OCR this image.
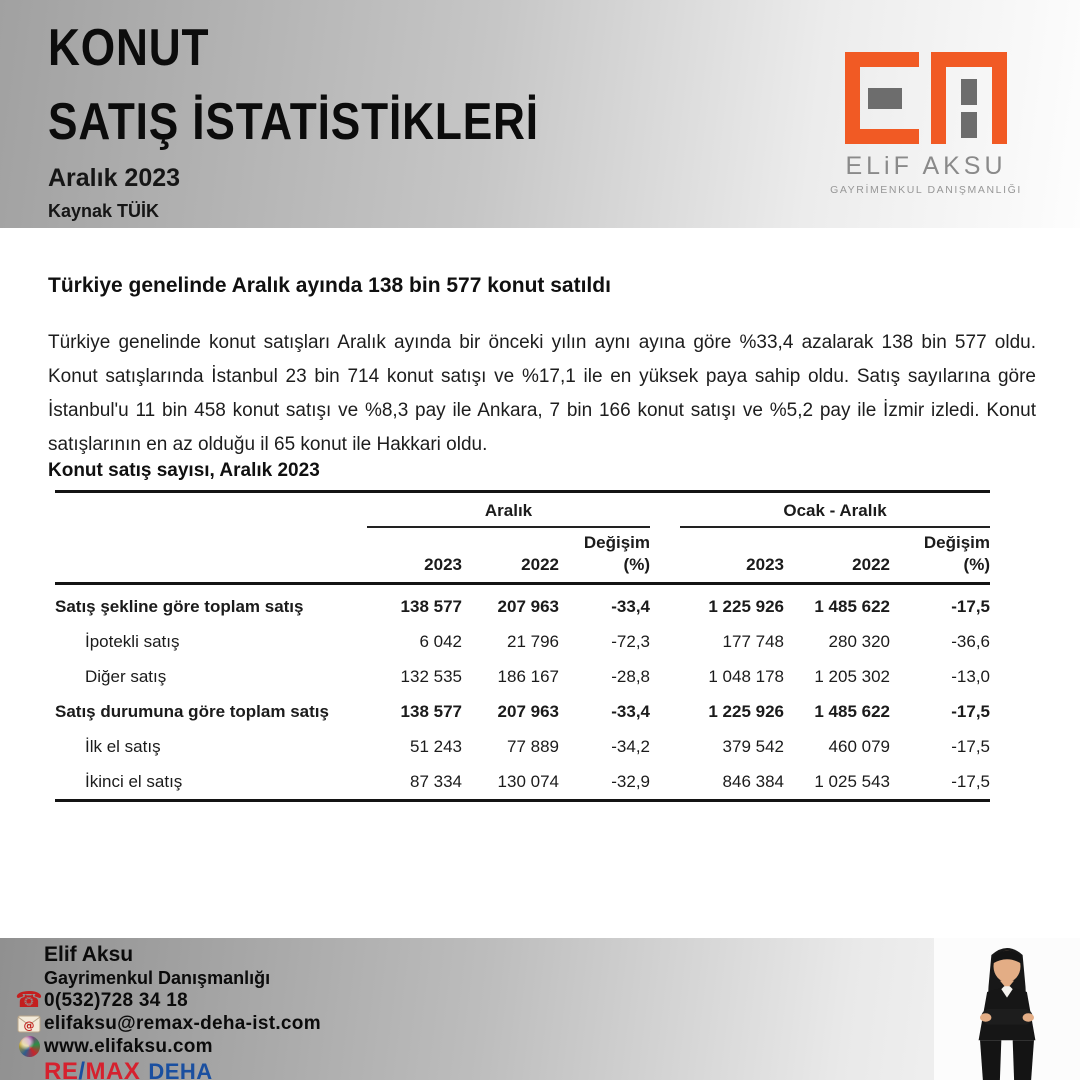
KONUT
SATIŞ İSTATİSTİKLERİ
Aralık 2023
Kaynak TÜİK
ELiF AKSU
GAYRİMENKUL DANIŞMANLIĞI
Türkiye genelinde Aralık ayında 138 bin 577 konut satıldı

Türkiye genelinde konut satışları Aralık ayında bir önceki yılın aynı ayına göre %33,4 azalarak 138 bin 577 oldu. Konut satışlarında İstanbul 23 bin 714 konut satışı ve %17,1 ile en yüksek paya sahip oldu. Satış sayılarına göre İstanbul'u 11 bin 458 konut satışı ve %8,3 pay ile Ankara, 7 bin 166 konut satışı ve %5,2 pay ile İzmir izledi. Konut satışlarının en az olduğu il 65 konut ile Hakkari oldu.

Konut satış sayısı, Aralık 2023
	Aralık				Ocak - Aralık		
			Değişim				Değişim
	2023	2022	(%)		2023	2022	(%)
Satış şekline göre toplam satış	138 577	207 963	-33,4		1 225 926	1 485 622	-17,5
İpotekli satış	6 042	21 796	-72,3		177 748	280 320	-36,6
Diğer satış	132 535	186 167	-28,8		1 048 178	1 205 302	-13,0
Satış durumuna göre toplam satış	138 577	207 963	-33,4		1 225 926	1 485 622	-17,5
İlk el satış	51 243	77 889	-34,2		379 542	460 079	-17,5
İkinci el satış	87 334	130 074	-32,9		846 384	1 025 543	-17,5
Elif Aksu
Gayrimenkul Danışmanlığı
☎ 0(532)728 34 18
@ elifaksu@remax-deha-ist.com
www.elifaksu.com
RE/MAX DEHA
